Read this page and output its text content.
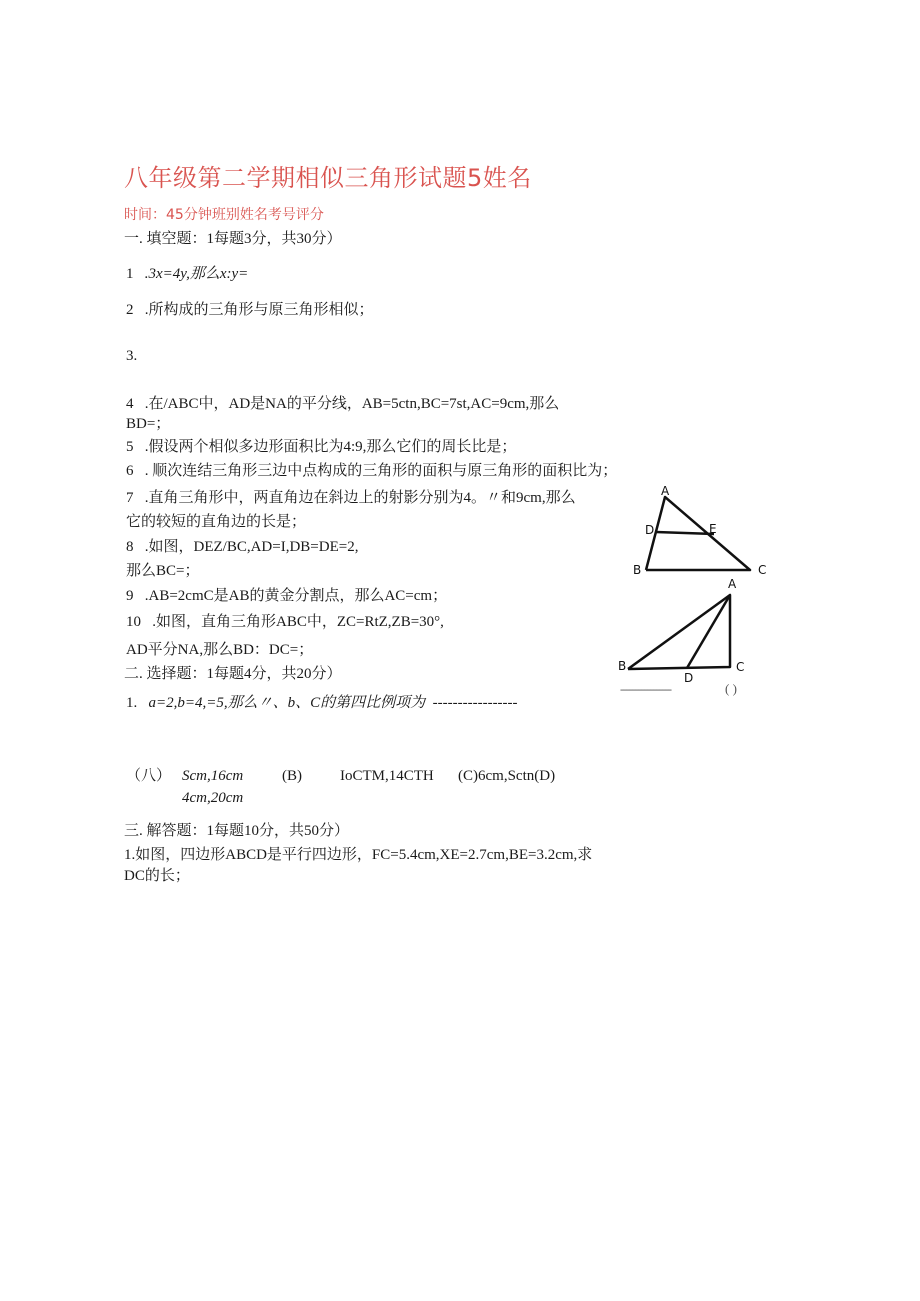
八年级第二学期相似三角形试题5姓名
时间：45分钟班别姓名考号评分
一. 填空题：1每题3分，共30分）
1 .3x=4y,那么x:y=
2 .所构成的三角形与原三角形相似；
3.
4 .在/ABC中，AD是NA的平分线，AB=5ctn,BC=7st,AC=9cm,那么
BD=；
5 .假设两个相似多边形面积比为4:9,那么它们的周长比是；
6 . 顺次连结三角形三边中点构成的三角形的面积与原三角形的面积比为；
7 .直角三角形中，两直角边在斜边上的射影分别为4。〃和9cm,那么
它的较短的直角边的长是；
8 .如图，DEZ/BC,AD=I,DB=DE=2,
那么BC=；
9 .AB=2cmC是AB的黄金分割点，那么AC=cm；
10 .如图，直角三角形ABC中，ZC=RtZ,ZB=30°,
AD平分NA,那么BD：DC=；
二. 选择题：1每题4分，共20分）
1. a=2,b=4,=5,那么〃、b、C的第四比例项为 -----------------
（八） Scm,16cm	(B)	IoCTM,14CTH (C)6cm,Sctn(D)
4cm,20cm
三. 解答题：1每题10分，共50分）
1.如图，四边形ABCD是平行四边形，FC=5.4cm,XE=2.7cm,BE=3.2cm,求
DC的长；
A
D	E
B	C
A
B
D
C
-----------------	( )
